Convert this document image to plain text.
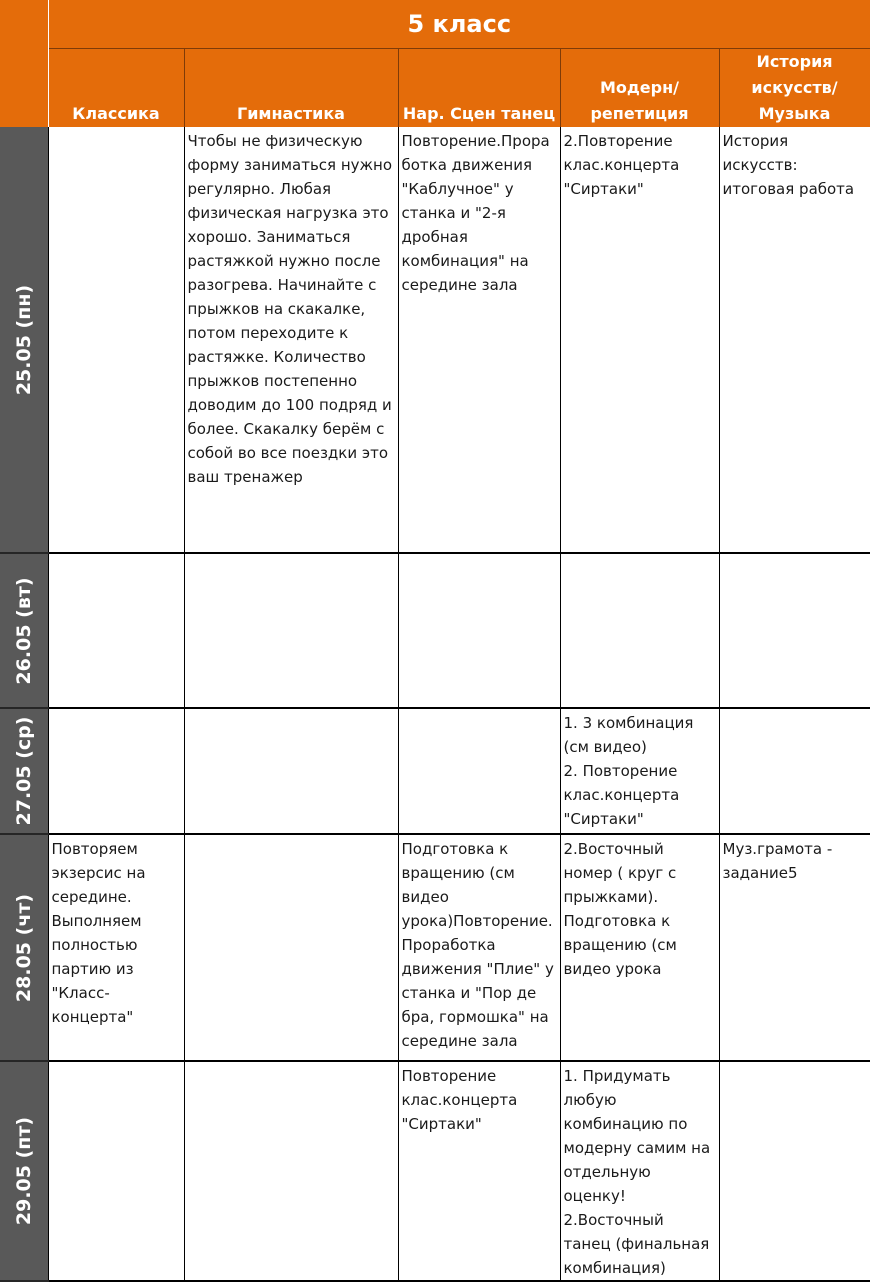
	5 класс				

	Классика	Гимнастика	Нар. Сцен танец	Модерн/репетиция	История искусств/ Музыка

25.05 (пн)		Чтобы не физическую форму заниматься нужно регулярно. Любая физическая нагрузка это хорошо. Заниматься растяжкой нужно после разогрева. Начинайте с прыжков на скакалке, потом переходите к растяжке. Количество прыжков постепенно доводим до 100 подряд и более. Скакалку берём с собой во все поездки это ваш тренажер	Повторение.Проработка движения "Каблучное" у станка и "2-я дробная комбинация" на середине зала	2.Повторение клас.концерта "Сиртаки"	История искусств: итоговая работа

26.05 (вт)					

27.05 (ср)				1. 3 комбинация (см видео)
2. Повторение клас.концерта "Сиртаки"	

28.05 (чт)	Повторяем экзерсис на середине. Выполняем полностью партию из "Класс-концерта"		Подготовка к вращению (см видео урока)Повторение. Проработка движения "Плие" у станка и "Пор де бра, гормошка" на середине зала	2.Восточный номер ( круг с прыжками). Подготовка к вращению (см видео урока	Муз.грамота - задание5

29.05 (пт)			Повторение клас.концерта "Сиртаки"	1. Придумать любую комбинацию по модерну самим на отдельную оценку!
2.Восточный танец (финальная комбинация)	
